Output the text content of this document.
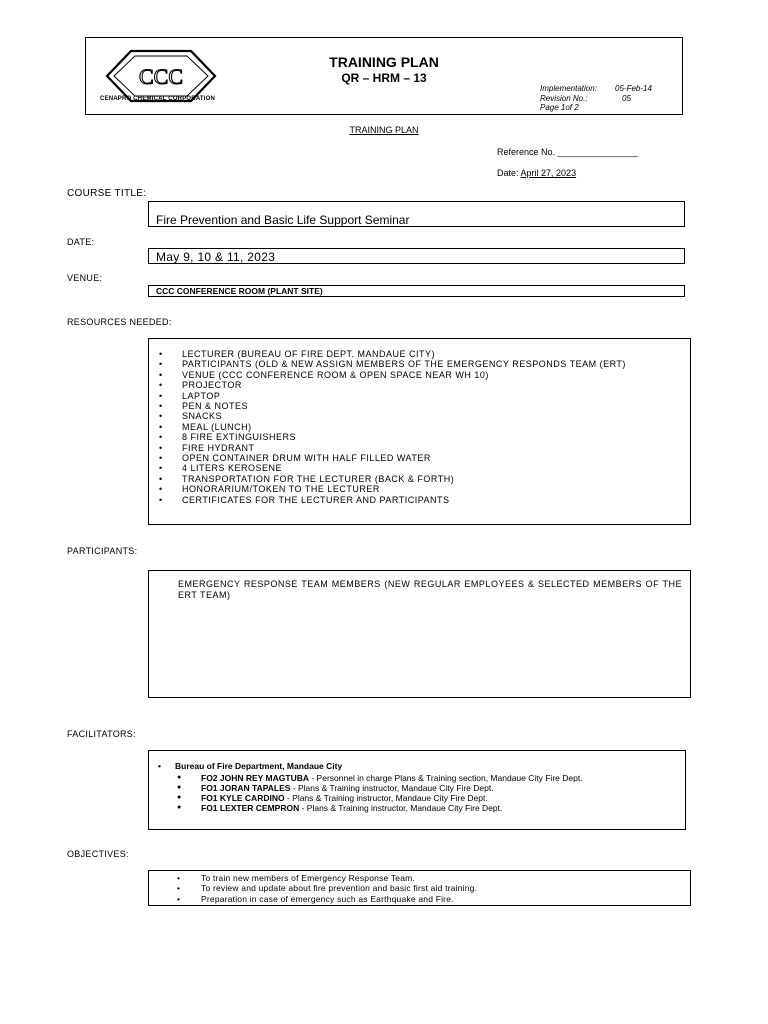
CCC
CENAPRO CHEMICAL CORPORATION
TRAINING PLAN
QR – HRM – 13
Implementation: 05-Feb-14
Revision No.:	05
Page 1of 2
TRAINING PLAN
Reference No. ________________
Date: April 27, 2023
COURSE TITLE:
Fire Prevention and Basic Life Support Seminar
DATE:
May 9, 10 & 11, 2023
VENUE:
CCC CONFERENCE ROOM (PLANT SITE)
RESOURCES NEEDED:
• LECTURER (BUREAU OF FIRE DEPT. MANDAUE CITY)
• PARTICIPANTS (OLD & NEW ASSIGN MEMBERS OF THE EMERGENCY RESPONDS TEAM (ERT)
• VENUE (CCC CONFERENCE ROOM & OPEN SPACE NEAR WH 10)
• PROJECTOR
• LAPTOP
• PEN & NOTES
• SNACKS
• MEAL (LUNCH)
• 8 FIRE EXTINGUISHERS
• FIRE HYDRANT
• OPEN CONTAINER DRUM WITH HALF FILLED WATER
• 4 LITERS KEROSENE
• TRANSPORTATION FOR THE LECTURER (BACK & FORTH)
• HONORARIUM/TOKEN TO THE LECTURER
• CERTIFICATES FOR THE LECTURER AND PARTICIPANTS
PARTICIPANTS:
EMERGENCY RESPONSE TEAM MEMBERS (NEW REGULAR EMPLOYEES & SELECTED MEMBERS OF THE ERT TEAM)
FACILITATORS:
• Bureau of Fire Department, Mandaue City
● FO2 JOHN REY MAGTUBA - Personnel in charge Plans & Training section, Mandaue City Fire Dept.
● FO1 JORAN TAPALES - Plans & Training instructor, Mandaue City Fire Dept.
● FO1 KYLE CARDINO - Plans & Training instructor, Mandaue City Fire Dept.
● FO1 LEXTER CEMPRON - Plans & Training instructor, Mandaue City Fire Dept.
OBJECTIVES:
• To train new members of Emergency Response Team.
• To review and update about fire prevention and basic first aid training.
• Preparation in case of emergency such as Earthquake and Fire.
